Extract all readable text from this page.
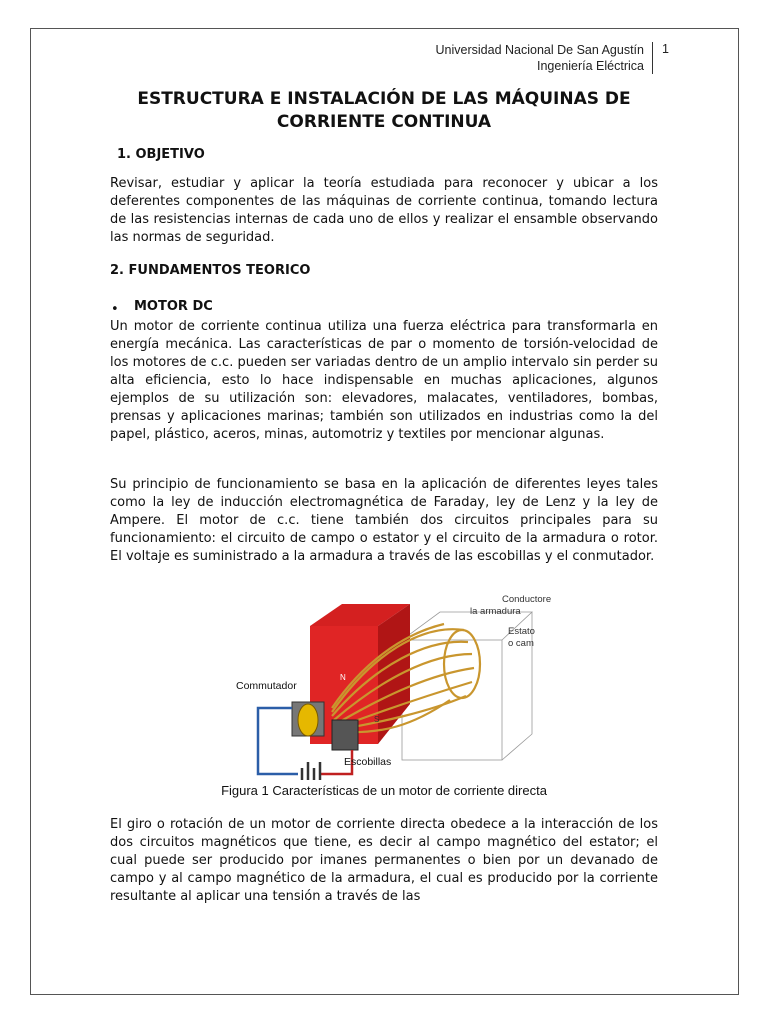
Universidad Nacional De San Agustín
Ingeniería Eléctrica
1
ESTRUCTURA E INSTALACIÓN DE LAS MÁQUINAS DE CORRIENTE CONTINUA
1. OBJETIVO
Revisar, estudiar y aplicar la teoría estudiada para reconocer y ubicar a los deferentes componentes de las máquinas de corriente continua, tomando lectura de las resistencias internas de cada uno de ellos y realizar el ensamble observando las normas de seguridad.
2. FUNDAMENTOS TEORICO
• MOTOR DC
Un motor de corriente continua utiliza una fuerza eléctrica para transformarla en energía mecánica. Las características de par o momento de torsión-velocidad de los motores de c.c. pueden ser variadas dentro de un amplio intervalo sin perder su alta eficiencia, esto lo hace indispensable en muchas aplicaciones, algunos ejemplos de su utilización son: elevadores, malacates, ventiladores, bombas, prensas y aplicaciones marinas; también son utilizados en industrias como la del papel, plástico, aceros, minas, automotriz y textiles por mencionar algunas.
Su principio de funcionamiento se basa en la aplicación de diferentes leyes tales como la ley de inducción electromagnética de Faraday, ley de Lenz y la ley de Ampere. El motor de c.c. tiene también dos circuitos principales para su funcionamiento: el circuito de campo o estator y el circuito de la armadura o rotor. El voltaje es suministrado a la armadura a través de las escobillas y el conmutador.
N
S
Conductore
la armadura
Estato
o cam
Commutador
Escobillas
Figura 1 Características de un motor de corriente directa
El giro o rotación de un motor de corriente directa obedece a la interacción de los dos circuitos magnéticos que tiene, es decir al campo magnético del estator; el cual puede ser producido por imanes permanentes o bien por un devanado de campo y al campo magnético de la armadura, el cual es producido por la corriente resultante al aplicar una tensión a través de las
